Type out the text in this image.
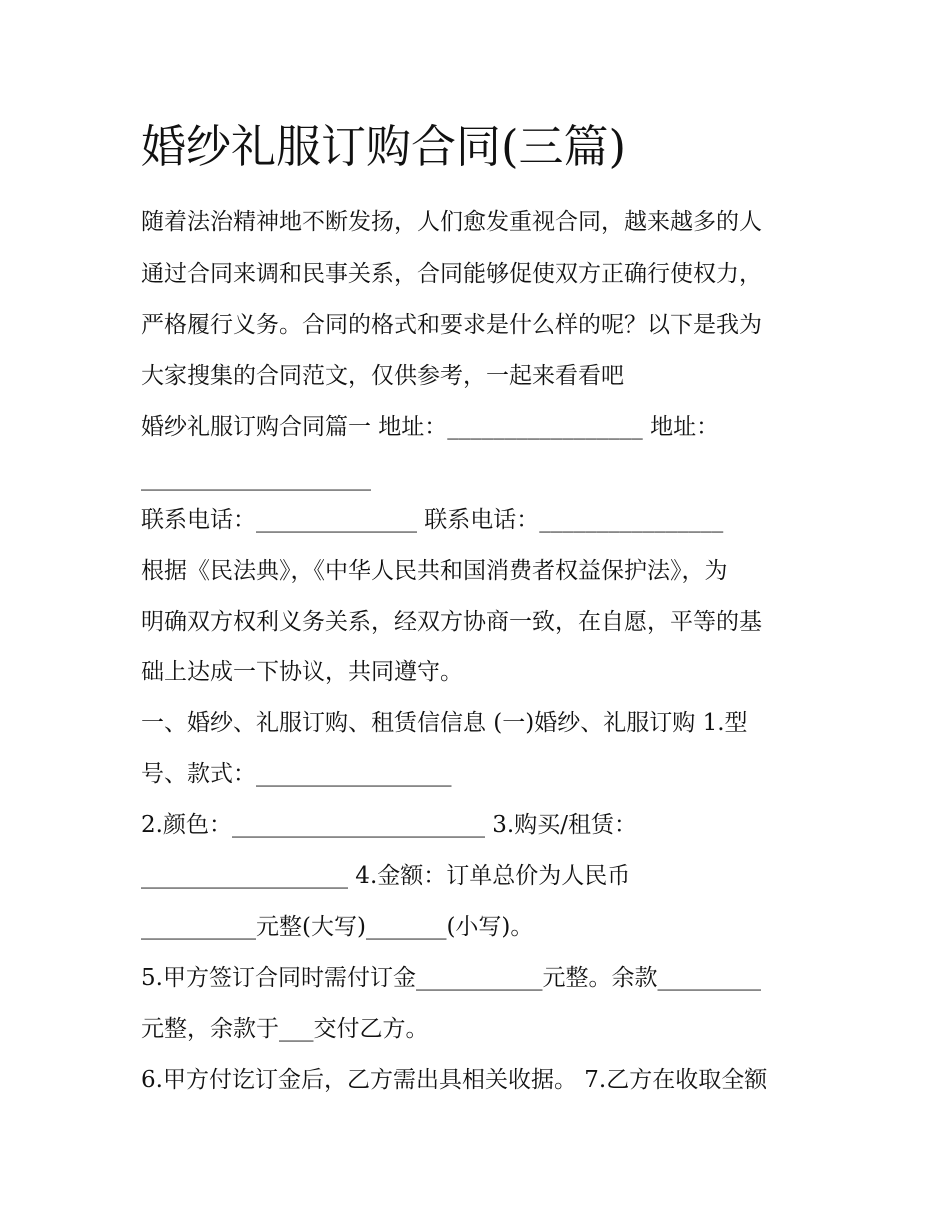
婚纱礼服订购合同(三篇)
随着法治精神地不断发扬，人们愈发重视合同，越来越多的人
通过合同来调和民事关系，合同能够促使双方正确行使权力，
严格履行义务。合同的格式和要求是什么样的呢？以下是我为
大家搜集的合同范文，仅供参考，一起来看看吧
婚纱礼服订购合同篇一 地址：_________________ 地址：
____________________
联系电话：______________ 联系电话：________________
根据《民法典》，《中华人民共和国消费者权益保护法》，为
明确双方权利义务关系，经双方协商一致，在自愿，平等的基
础上达成一下协议，共同遵守。
一、婚纱、礼服订购、租赁信信息 (一)婚纱、礼服订购 1.型
号、款式：_________________
2.颜色：______________________ 3.购买/租赁：
__________________ 4.金额：订单总价为人民币
__________元整(大写)_______(小写)。
5.甲方签订合同时需付订金___________元整。余款_________
元整，余款于___交付乙方。
6.甲方付讫订金后，乙方需出具相关收据。 7.乙方在收取全额
